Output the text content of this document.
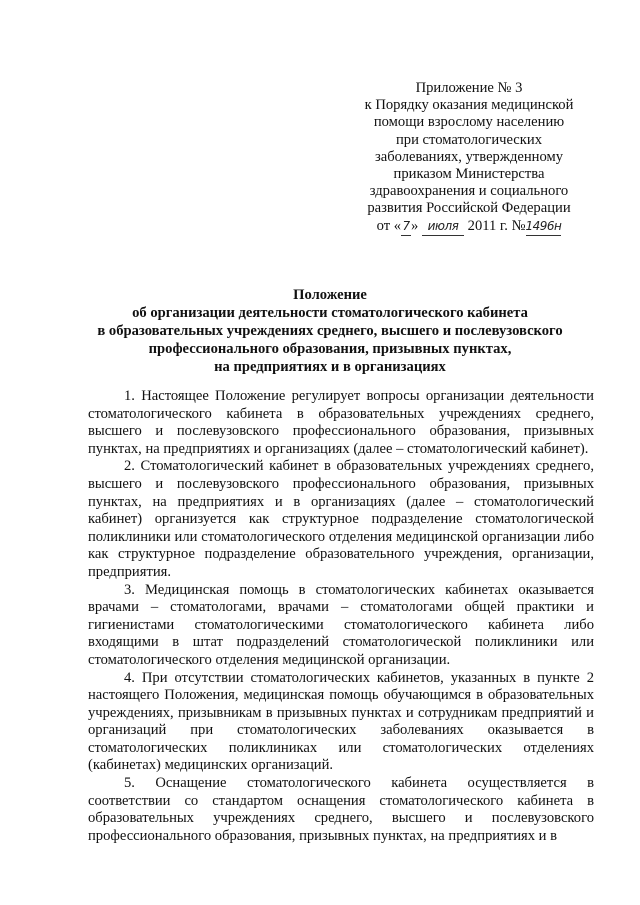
Приложение № 3
к Порядку оказания медицинской
помощи взрослому населению
при стоматологических
заболеваниях, утвержденному
приказом Министерства
здравоохранения и социального
развития Российской Федерации
от «7» июля 2011 г. №1496н
Положение
об организации деятельности стоматологического кабинета
в образовательных учреждениях среднего, высшего и послевузовского
профессионального образования, призывных пунктах,
на предприятиях и в организациях

1. Настоящее Положение регулирует вопросы организации деятельности стоматологического кабинета в образовательных учреждениях среднего, высшего и послевузовского профессионального образования, призывных пунктах, на предприятиях и организациях (далее – стоматологический кабинет).

2. Стоматологический кабинет в образовательных учреждениях среднего, высшего и послевузовского профессионального образования, призывных пунктах, на предприятиях и в организациях (далее – стоматологический кабинет) организуется как структурное подразделение стоматологической поликлиники или стоматологического отделения медицинской организации либо как структурное подразделение образовательного учреждения, организации, предприятия.

3. Медицинская помощь в стоматологических кабинетах оказывается врачами – стоматологами, врачами – стоматологами общей практики и гигиенистами стоматологическими стоматологического кабинета либо входящими в штат подразделений стоматологической поликлиники или стоматологического отделения медицинской организации.

4. При отсутствии стоматологических кабинетов, указанных в пункте 2 настоящего Положения, медицинская помощь обучающимся в образовательных учреждениях, призывникам в призывных пунктах и сотрудникам предприятий и организаций при стоматологических заболеваниях оказывается в стоматологических поликлиниках или стоматологических отделениях (кабинетах) медицинских организаций.

5. Оснащение стоматологического кабинета осуществляется в соответствии со стандартом оснащения стоматологического кабинета в образовательных учреждениях среднего, высшего и послевузовского профессионального образования, призывных пунктах, на предприятиях и в
